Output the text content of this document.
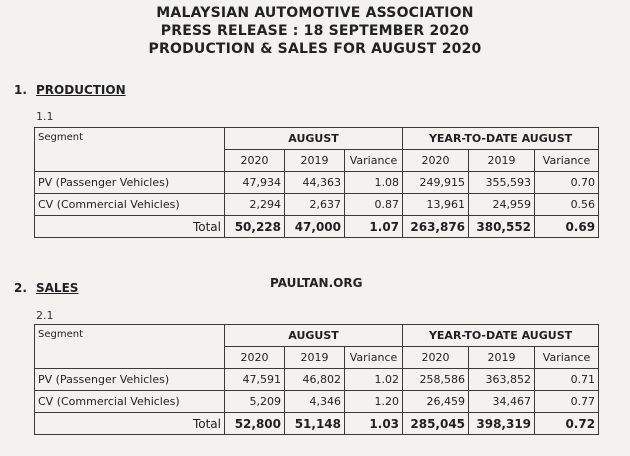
MALAYSIAN AUTOMOTIVE ASSOCIATION
PRESS RELEASE : 18 SEPTEMBER 2020
PRODUCTION & SALES FOR AUGUST 2020
1. PRODUCTION
1.1
Segment	AUGUST			YEAR-TO-DATE AUGUST		
	2020	2019	Variance	2020	2019	Variance
PV (Passenger Vehicles)	47,934	44,363	1.08	249,915	355,593	0.70
CV (Commercial Vehicles)	2,294	2,637	0.87	13,961	24,959	0.56
Total	50,228	47,000	1.07	263,876	380,552	0.69
PAULTAN.ORG
2. SALES
2.1
Segment	AUGUST			YEAR-TO-DATE AUGUST		
	2020	2019	Variance	2020	2019	Variance
PV (Passenger Vehicles)	47,591	46,802	1.02	258,586	363,852	0.71
CV (Commercial Vehicles)	5,209	4,346	1.20	26,459	34,467	0.77
Total	52,800	51,148	1.03	285,045	398,319	0.72
